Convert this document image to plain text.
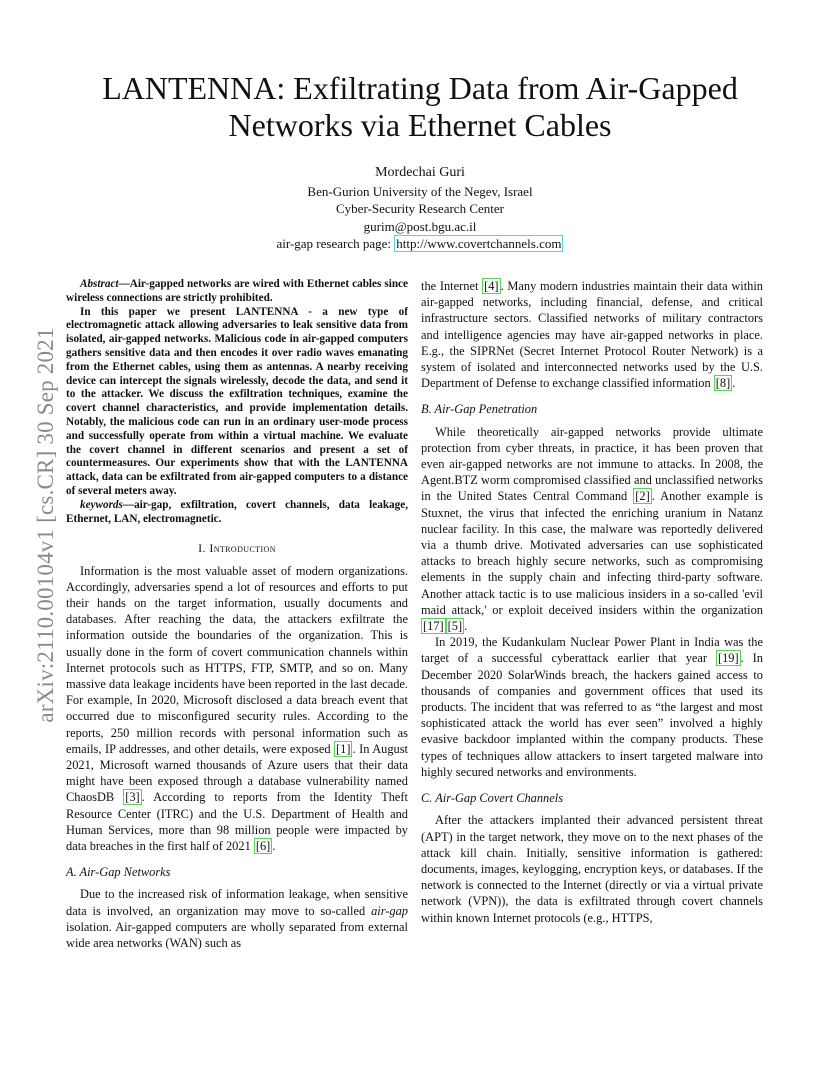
arXiv:2110.00104v1 [cs.CR] 30 Sep 2021
LANTENNA: Exfiltrating Data from Air-Gapped
Networks via Ethernet Cables
Mordechai Guri
Ben-Gurion University of the Negev, Israel
Cyber-Security Research Center
gurim@post.bgu.ac.il
air-gap research page: http://www.covertchannels.com

Abstract—Air-gapped networks are wired with Ethernet cables since wireless connections are strictly prohibited.

In this paper we present LANTENNA - a new type of electromagnetic attack allowing adversaries to leak sensitive data from isolated, air-gapped networks. Malicious code in air-gapped computers gathers sensitive data and then encodes it over radio waves emanating from the Ethernet cables, using them as antennas. A nearby receiving device can intercept the signals wirelessly, decode the data, and send it to the attacker. We discuss the exfiltration techniques, examine the covert channel characteristics, and provide implementation details. Notably, the malicious code can run in an ordinary user-mode process and successfully operate from within a virtual machine. We evaluate the covert channel in different scenarios and present a set of countermeasures. Our experiments show that with the LANTENNA attack, data can be exfiltrated from air-gapped computers to a distance of several meters away.

keywords—air-gap, exfiltration, covert channels, data leakage, Ethernet, LAN, electromagnetic.

I. Introduction

Information is the most valuable asset of modern organizations. Accordingly, adversaries spend a lot of resources and efforts to put their hands on the target information, usually documents and databases. After reaching the data, the attackers exfiltrate the information outside the boundaries of the organization. This is usually done in the form of covert communication channels within Internet protocols such as HTTPS, FTP, SMTP, and so on. Many massive data leakage incidents have been reported in the last decade. For example, In 2020, Microsoft disclosed a data breach event that occurred due to misconfigured security rules. According to the reports, 250 million records with personal information such as emails, IP addresses, and other details, were exposed [1] . In August 2021, Microsoft warned thousands of Azure users that their data might have been exposed through a database vulnerability named ChaosDB [3] . According to reports from the Identity Theft Resource Center (ITRC) and the U.S. Department of Health and Human Services, more than 98 million people were impacted by data breaches in the first half of 2021 [6] .

A. Air-Gap Networks

Due to the increased risk of information leakage, when sensitive data is involved, an organization may move to so-called air-gap isolation. Air-gapped computers are wholly separated from external wide area networks (WAN) such as

the Internet [4] . Many modern industries maintain their data within air-gapped networks, including financial, defense, and critical infrastructure sectors. Classified networks of military contractors and intelligence agencies may have air-gapped networks in place. E.g., the SIPRNet (Secret Internet Protocol Router Network) is a system of isolated and interconnected networks used by the U.S. Department of Defense to exchange classified information [8] .

B. Air-Gap Penetration

While theoretically air-gapped networks provide ultimate protection from cyber threats, in practice, it has been proven that even air-gapped networks are not immune to attacks. In 2008, the Agent.BTZ worm compromised classified and unclassified networks in the United States Central Command [2] . Another example is Stuxnet, the virus that infected the enriching uranium in Natanz nuclear facility. In this case, the malware was reportedly delivered via a thumb drive. Motivated adversaries can use sophisticated attacks to breach highly secure networks, such as compromising elements in the supply chain and infecting third-party software. Another attack tactic is to use malicious insiders in a so-called 'evil maid attack,' or exploit deceived insiders within the organization [17] [5] .

In 2019, the Kudankulam Nuclear Power Plant in India was the target of a successful cyberattack earlier that year [19] . In December 2020 SolarWinds breach, the hackers gained access to thousands of companies and government offices that used its products. The incident that was referred to as “the largest and most sophisticated attack the world has ever seen” involved a highly evasive backdoor implanted within the company products. These types of techniques allow attackers to insert targeted malware into highly secured networks and environments.

C. Air-Gap Covert Channels

After the attackers implanted their advanced persistent threat (APT) in the target network, they move on to the next phases of the attack kill chain. Initially, sensitive information is gathered: documents, images, keylogging, encryption keys, or databases. If the network is connected to the Internet (directly or via a virtual private network (VPN)), the data is exfiltrated through covert channels within known Internet protocols (e.g., HTTPS,
